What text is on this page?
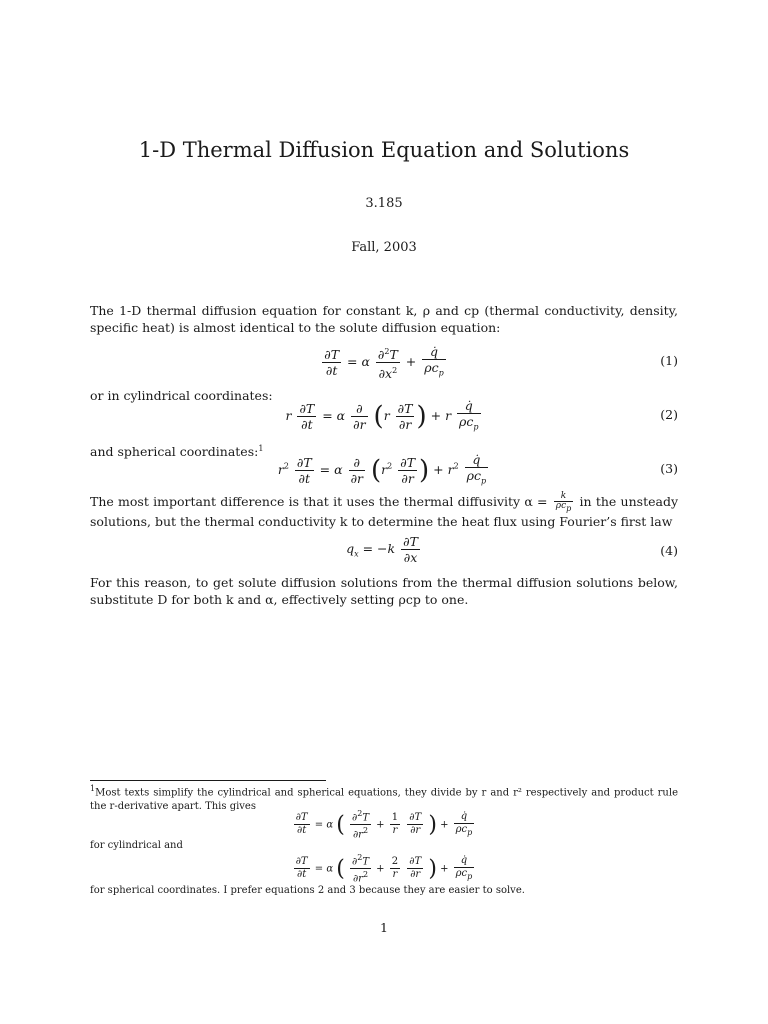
1-D Thermal Diffusion Equation and Solutions
3.185
Fall, 2003
The 1-D thermal diffusion equation for constant k, ρ and cp (thermal conductivity, density, specific heat) is almost identical to the solute diffusion equation:
$\frac{\partial T}{\partial t} = \alpha \frac{\partial^2T}{\partial x^2} + \frac{q̇}{\rho c_p}$	(1)
or in cylindrical coordinates:
r $\frac{\partial T}{\partial t} = \alpha \frac{\partial}{\partial r} (r \frac{\partial T}{\partial r}$ ) + r $\frac{q̇}{\rho c_p}$	(2)
and spherical coordinates:$^1$
$r^2 \frac{\partial T}{\partial t} = \alpha \frac{\partial}{\partial r} (r^2 \frac{\partial T}{\partial r}$ ) + $r^2 \frac{q̇}{\rho c_p}$	(3)
The most important difference is that it uses the thermal diffusivity $\alpha = \frac{k}{\rho c_p}$ in the unsteady solutions, but the thermal conductivity k to determine the heat flux using Fourier’s first law
$q_x = -k \frac{\partial T}{\partial x}$	(4)
For this reason, to get solute diffusion solutions from the thermal diffusion solutions below, substitute D for both k and α, effectively setting ρcp to one.
$^1$Most texts simplify the cylindrical and spherical equations, they divide by r and r² respectively and product rule the r-derivative apart. This gives
$\frac{\partial T}{\partial t} = \alpha$ ( $\frac{\partial^2T}{\partial r^2} + \frac{1}{r}$
$\frac{\partial T}{\partial r}$ ) + $\frac{q̇}{\rho c_p}$
for cylindrical and
$\frac{\partial T}{\partial t} = \alpha$ ( $\frac{\partial^2T}{\partial r^2} + \frac{2}{r}$
$\frac{\partial T}{\partial r}$ ) + $\frac{q̇}{\rho c_p}$
for spherical coordinates. I prefer equations 2 and 3 because they are easier to solve.
1
